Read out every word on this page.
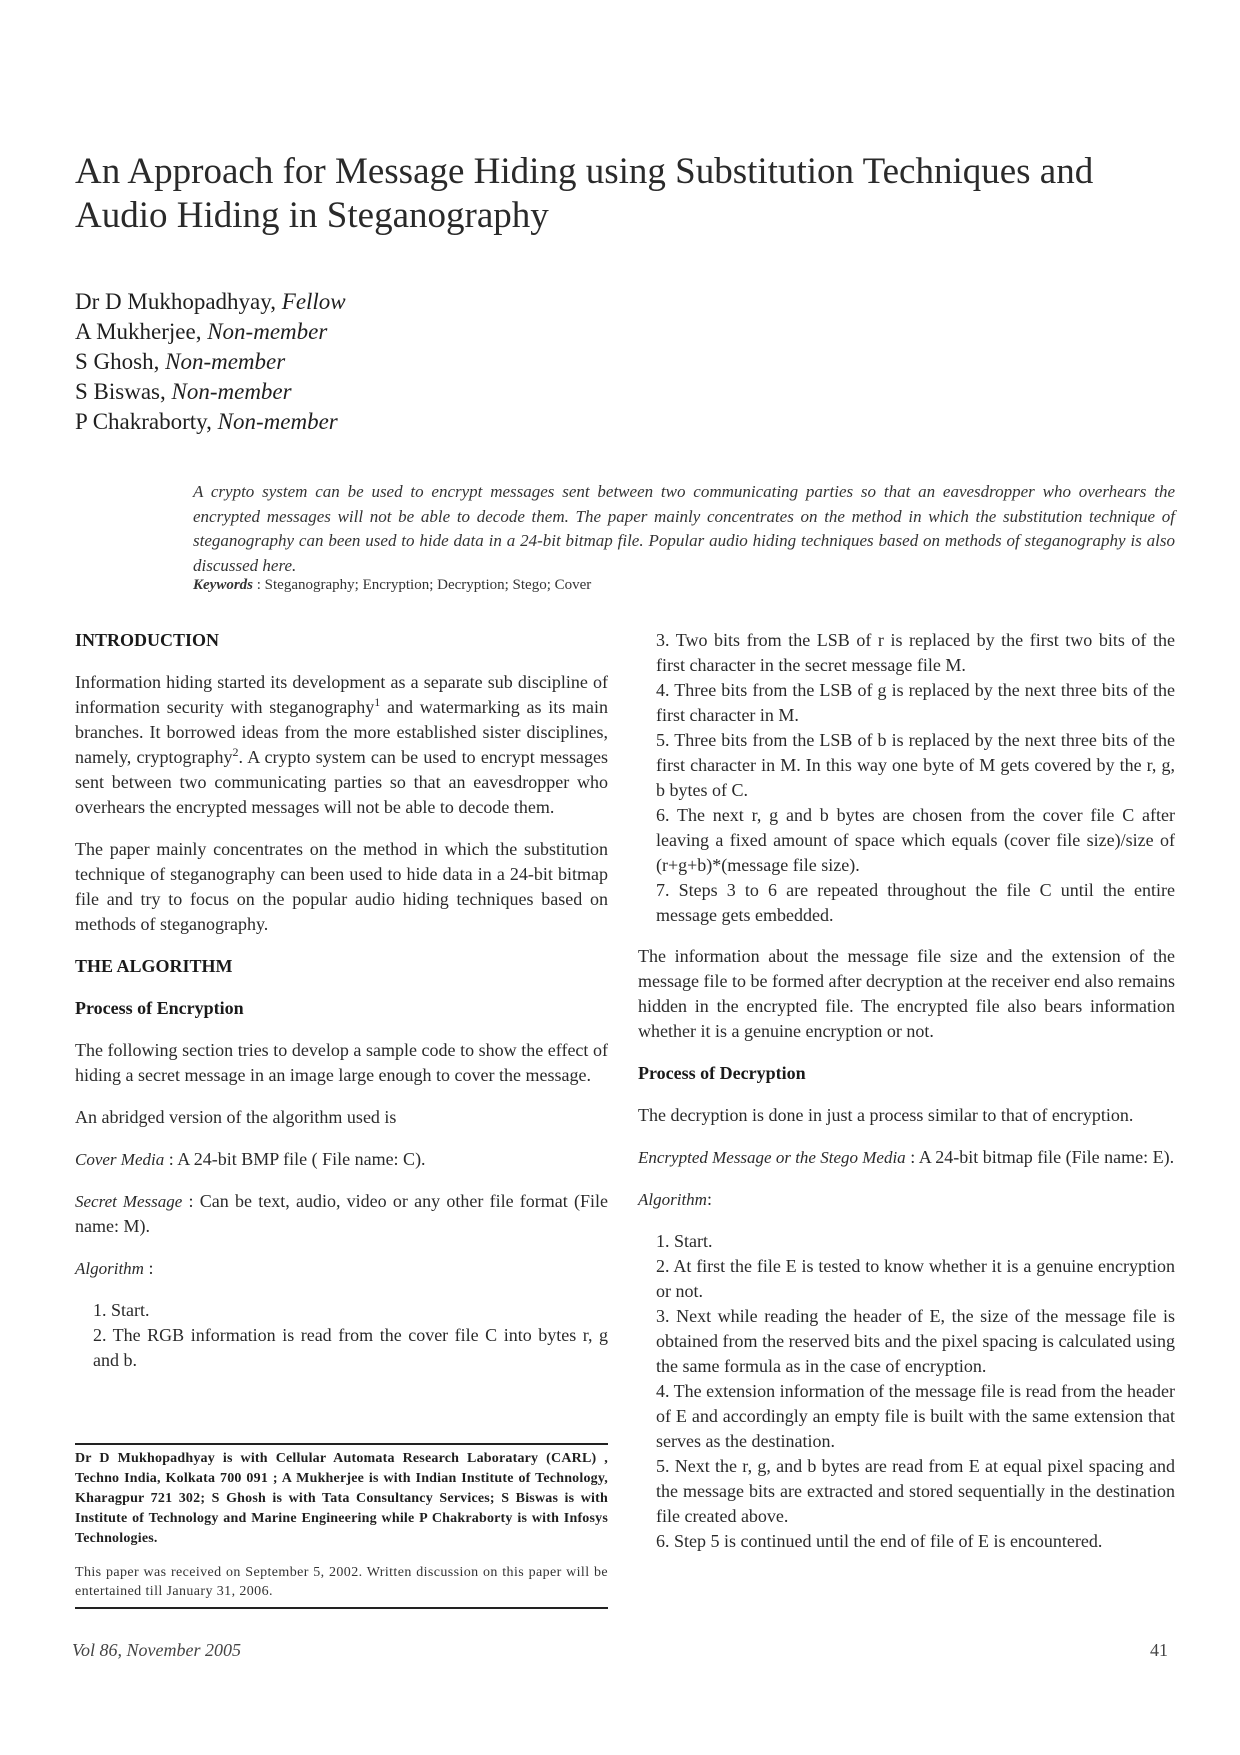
An Approach for Message Hiding using Substitution Techniques and Audio Hiding in Steganography
Dr D Mukhopadhyay, Fellow
A Mukherjee, Non-member
S Ghosh, Non-member
S Biswas, Non-member
P Chakraborty, Non-member
A crypto system can be used to encrypt messages sent between two communicating parties so that an eavesdropper who overhears the encrypted messages will not be able to decode them. The paper mainly concentrates on the method in which the substitution technique of steganography can been used to hide data in a 24-bit bitmap file. Popular audio hiding techniques based on methods of steganography is also discussed here.
Keywords : Steganography; Encryption; Decryption; Stego; Cover
INTRODUCTION

Information hiding started its development as a separate sub discipline of information security with steganography$^1$ and watermarking as its main branches. It borrowed ideas from the more established sister disciplines, namely, cryptography$^2$. A crypto system can be used to encrypt messages sent between two communicating parties so that an eavesdropper who overhears the encrypted messages will not be able to decode them.

The paper mainly concentrates on the method in which the substitution technique of steganography can been used to hide data in a 24-bit bitmap file and try to focus on the popular audio hiding techniques based on methods of steganography.

THE ALGORITHM
Process of Encryption

The following section tries to develop a sample code to show the effect of hiding a secret message in an image large enough to cover the message.

An abridged version of the algorithm used is

Cover Media : A 24-bit BMP file ( File name: C).

Secret Message : Can be text, audio, video or any other file format (File name: M).

Algorithm :

1. Start.
2. The RGB information is read from the cover file C into bytes r, g and b.
Dr D Mukhopadhyay is with Cellular Automata Research Laboratary (CARL) , Techno India, Kolkata 700 091 ; A Mukherjee is with Indian Institute of Technology, Kharagpur 721 302; S Ghosh is with Tata Consultancy Services; S Biswas is with Institute of Technology and Marine Engineering while P Chakraborty is with Infosys Technologies.
This paper was received on September 5, 2002. Written discussion on this paper will be entertained till January 31, 2006.
3. Two bits from the LSB of r is replaced by the first two bits of the first character in the secret message file M.
4. Three bits from the LSB of g is replaced by the next three bits of the first character in M.
5. Three bits from the LSB of b is replaced by the next three bits of the first character in M. In this way one byte of M gets covered by the r, g, b bytes of C.
6. The next r, g and b bytes are chosen from the cover file C after leaving a fixed amount of space which equals (cover file size)/size of (r+g+b)*(message file size).
7. Steps 3 to 6 are repeated throughout the file C until the entire message gets embedded.

The information about the message file size and the extension of the message file to be formed after decryption at the receiver end also remains hidden in the encrypted file. The encrypted file also bears information whether it is a genuine encryption or not.

Process of Decryption

The decryption is done in just a process similar to that of encryption.

Encrypted Message or the Stego Media : A 24-bit bitmap file (File name: E).

Algorithm:

1. Start.
2. At first the file E is tested to know whether it is a genuine encryption or not.
3. Next while reading the header of E, the size of the message file is obtained from the reserved bits and the pixel spacing is calculated using the same formula as in the case of encryption.
4. The extension information of the message file is read from the header of E and accordingly an empty file is built with the same extension that serves as the destination.
5. Next the r, g, and b bytes are read from E at equal pixel spacing and the message bits are extracted and stored sequentially in the destination file created above.
6. Step 5 is continued until the end of file of E is encountered.
Vol 86, November 2005	41
